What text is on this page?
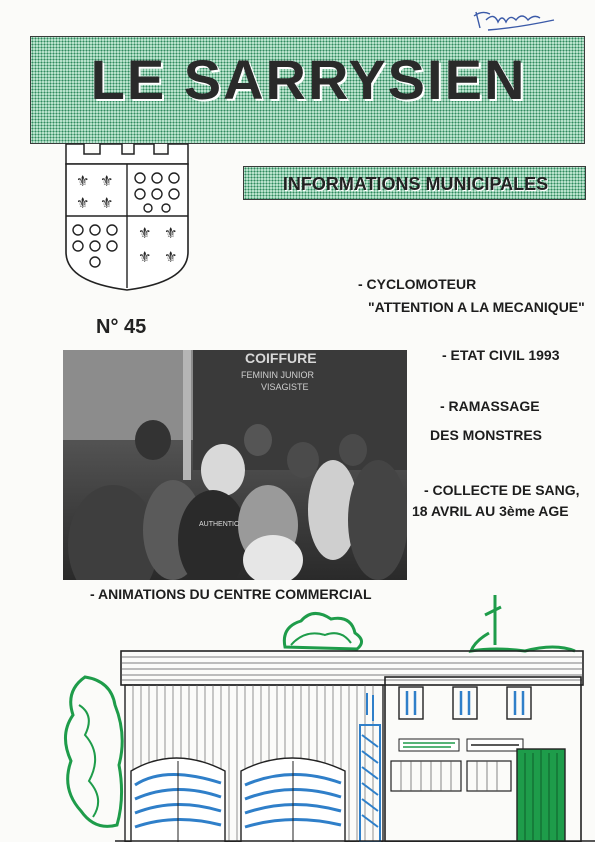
LE SARRYSIEN
⚜ ⚜
⚜ ⚜
⚜ ⚜
⚜ ⚜
INFORMATIONS MUNICIPALES
N° 45
- CYCLOMOTEUR
"ATTENTION A LA MECANIQUE"
- ETAT CIVIL 1993
- RAMASSAGE
DES MONSTRES
- COLLECTE DE SANG,
18 AVRIL AU 3ème AGE
COIFFURE
FEMININ JUNIOR
VISAGISTE
AUTHENTIC
- ANIMATIONS DU CENTRE COMMERCIAL
